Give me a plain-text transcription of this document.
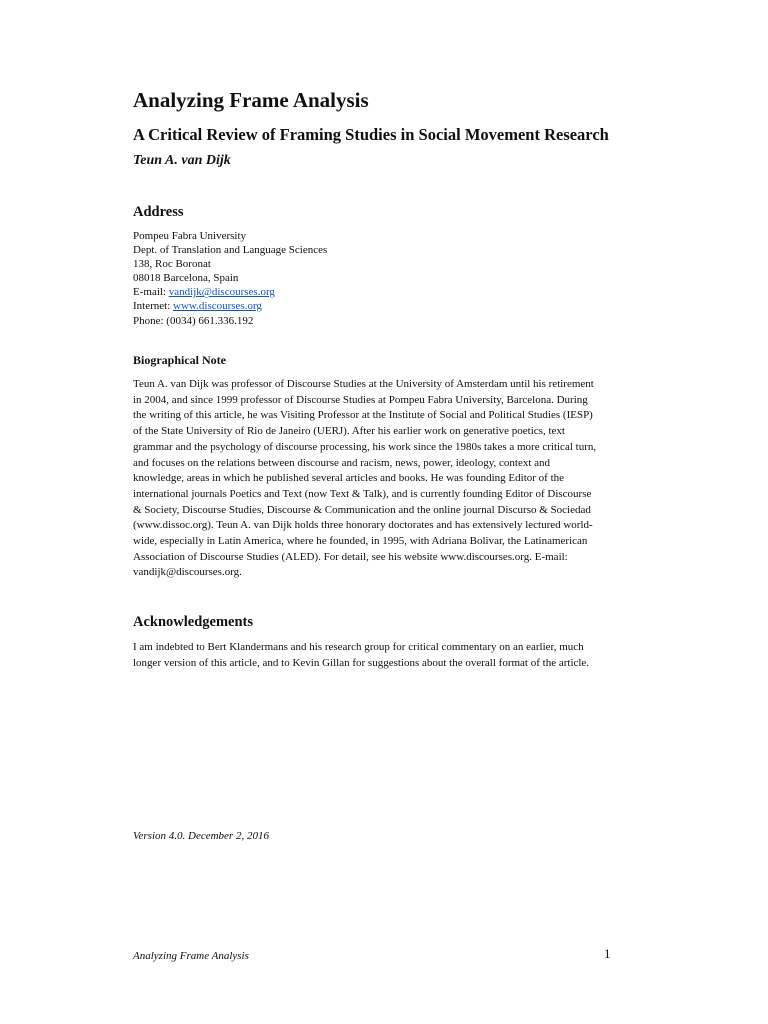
Analyzing Frame Analysis
A Critical Review of Framing Studies in Social Movement Research
Teun A. van Dijk
Address
Pompeu Fabra University
Dept. of Translation and Language Sciences
138, Roc Boronat
08018 Barcelona, Spain
E-mail: vandijk@discourses.org
Internet: www.discourses.org
Phone: (0034) 661.336.192
Biographical Note
Teun A. van Dijk was professor of Discourse Studies at the University of Amsterdam until his retirement
in 2004, and since 1999 professor of Discourse Studies at Pompeu Fabra University, Barcelona. During
the writing of this article, he was Visiting Professor at the Institute of Social and Political Studies (IESP)
of the State University of Rio de Janeiro (UERJ). After his earlier work on generative poetics, text
grammar and the psychology of discourse processing, his work since the 1980s takes a more critical turn,
and focuses on the relations between discourse and racism, news, power, ideology, context and
knowledge, areas in which he published several articles and books. He was founding Editor of the
international journals Poetics and Text (now Text & Talk), and is currently founding Editor of Discourse
& Society, Discourse Studies, Discourse & Communication and the online journal Discurso & Sociedad
(www.dissoc.org). Teun A. van Dijk holds three honorary doctorates and has extensively lectured world-
wide, especially in Latin America, where he founded, in 1995, with Adriana Bolivar, the Latinamerican
Association of Discourse Studies (ALED). For detail, see his website www.discourses.org. E-mail:
vandijk@discourses.org.
Acknowledgements
I am indebted to Bert Klandermans and his research group for critical commentary on an earlier, much
longer version of this article, and to Kevin Gillan for suggestions about the overall format of the article.
Version 4.0. December 2, 2016
Analyzing Frame Analysis	1
